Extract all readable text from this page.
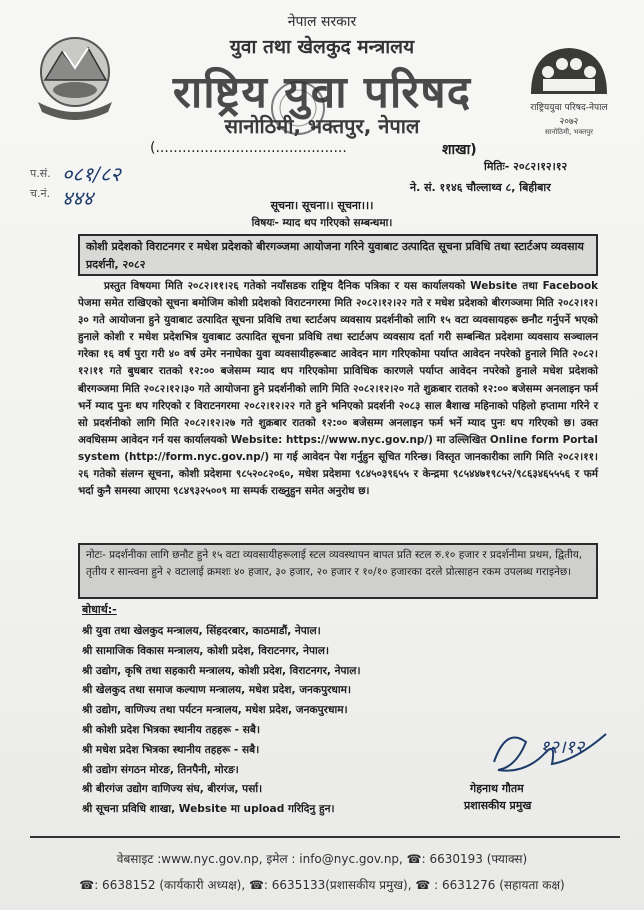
राष्ट्रिययुवा परिषद-नेपाल
२०७२
सानोठिमी, भक्तपुर
नेपाल सरकार
युवा तथा खेलकुद मन्त्रालय
राष्ट्रिय युवा परिषद
सानोठिमी, भक्तपुर, नेपाल
(...........................................	शाखा)
मितिः- २०८२।१२।१२
ने. सं. ११४६ चौल्लाथ्व ८, बिहीबार
प.सं. ०८१/८२
च.नं. ४४४	सूचना। सूचना।। सूचना।।।
विषयः- म्याद थप गरिएको सम्बन्धमा।
कोशी प्रदेशको विराटनगर र मधेश प्रदेशको बीरगञ्जमा आयोजना गरिने युवाबाट उत्पादित सूचना प्रविधि तथा स्टार्टअप व्यवसाय प्रदर्शनी, २०८२

प्रस्तुत विषयमा मिति २०८२।११।२६ गतेको नयाँसडक राष्ट्रिय दैनिक पत्रिका र यस कार्यालयको Website तथा Facebook पेजमा समेत राखिएको सूचना बमोजिम कोशी प्रदेशको विराटनगरमा मिति २०८२।१२।२२ गते र मधेश प्रदेशको बीरगञ्जमा मिति २०८२।१२।३० गते आयोजना हुने युवाबाट उत्पादित सूचना प्रविधि तथा स्टार्टअप व्यवसाय प्रदर्शनीको लागि १५ वटा व्यवसायहरू छनौट गर्नुपर्ने भएको हुनाले कोशी र मधेश प्रदेशभित्र युवाबाट उत्पादित सूचना प्रविधि तथा स्टार्टअप व्यवसाय दर्ता गरी सम्बन्धित प्रदेशमा व्यवसाय सञ्चालन गरेका १६ वर्ष पुरा गरी ४० वर्ष उमेर ननाघेका युवा व्यवसायीहरूबाट आवेदन माग गरिएकोमा पर्याप्त आवेदन नपरेको हुनाले मिति २०८२।१२।११ गते बुधबार रातको १२:०० बजेसम्म म्याद थप गरिएकोमा प्राविधिक कारणले पर्याप्त आवेदन नपरेको हुनाले मधेश प्रदेशको बीरगञ्जमा मिति २०८२।१२।३० गते आयोजना हुने प्रदर्शनीको लागि मिति २०८२।१२।२० गते शुक्रबार रातको १२:०० बजेसम्म अनलाइन फर्म भर्ने म्याद पुनः थप गरिएको र विराटनगरमा २०८२।१२।२२ गते हुने भनिएको प्रदर्शनी २०८३ साल बैशाख महिनाको पहिलो हप्तामा गरिने र सो प्रदर्शनीको लागि मिति २०८२।१२।२७ गते शुक्रबार रातको १२:०० बजेसम्म अनलाइन फर्म भर्ने म्याद पुनः थप गरिएको छ। उक्त अवधिसम्म आवेदन गर्न यस कार्यालयको Website: https://www.nyc.gov.np/) मा उल्लिखित Online form Portal system (http://form.nyc.gov.np/) मा गई आवेदन पेश गर्नुहुन सूचित गरिन्छ। विस्तृत जानकारीका लागि मिति २०८२।११।२६ गतेको संलग्न सूचना, कोशी प्रदेशमा ९८५२०८२०६०, मधेश प्रदेशमा ९८४५०३९६५५ र केन्द्रमा ९८५४४७१९८५२/९८६३४६५५५६ र फर्म भर्दा कुनै समस्या आएमा ९८४९३२५००९ मा सम्पर्क राख्नुहुन समेत अनुरोध छ।

नोटः- प्रदर्शनीका लागि छनौट हुने १५ वटा व्यवसायीहरूलाई स्टल व्यवस्थापन बापत प्रति स्टल रु.१० हजार र प्रदर्शनीमा प्रथम, द्वितीय, तृतीय र सान्त्वना हुने २ वटालाई क्रमशः ४० हजार, ३० हजार, २० हजार र १०/१० हजारका दरले प्रोत्साहन रकम उपलब्ध गराइनेछ।
बोधार्थ:-
श्री युवा तथा खेलकुद मन्त्रालय, सिंहदरबार, काठमाडौं, नेपाल।
श्री सामाजिक विकास मन्त्रालय, कोशी प्रदेश, विराटनगर, नेपाल।
श्री उद्योग, कृषि तथा सहकारी मन्त्रालय, कोशी प्रदेश, विराटनगर, नेपाल।
श्री खेलकुद तथा समाज कल्याण मन्त्रालय, मधेश प्रदेश, जनकपुरधाम।
श्री उद्योग, वाणिज्य तथा पर्यटन मन्त्रालय, मधेश प्रदेश, जनकपुरधाम।
श्री कोशी प्रदेश भित्रका स्थानीय तहहरू - सबै।
श्री मधेश प्रदेश भित्रका स्थानीय तहहरू - सबै।
श्री उद्योग संगठन मोरङ, तिनपैनी, मोरङ।
श्री बीरगंज उद्योग वाणिज्य संघ, बीरगंज, पर्सा।
श्री सूचना प्रविधि शाखा, Website मा upload गरिदिनु हुन।
१२।१२
गेहनाथ गौतम
प्रशासकीय प्रमुख
वेबसाइट :www.nyc.gov.np, इमेल : info@nyc.gov.np, ☎: 6630193 (फ्याक्स)
☎: 6638152 (कार्यकारी अध्यक्ष), ☎: 6635133(प्रशासकीय प्रमुख), ☎ : 6631276 (सहायता कक्ष)
